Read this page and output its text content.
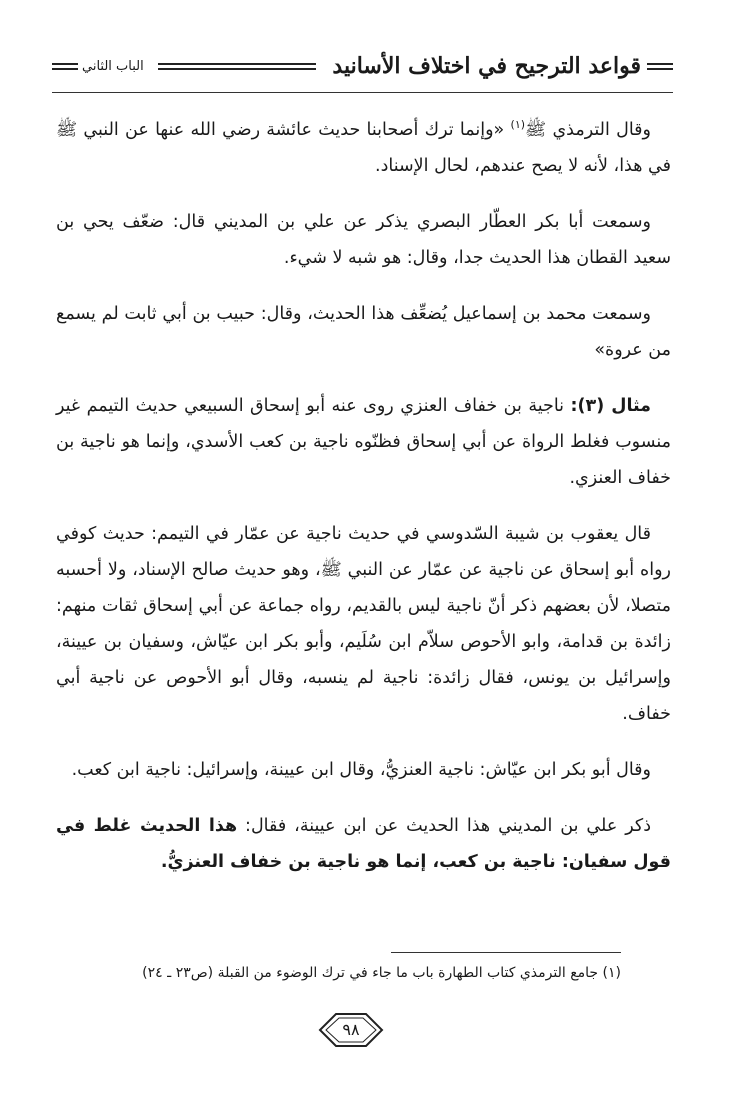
قواعد الترجيح في اختلاف الأسانيد
الباب الثاني

وقال الترمذي ﷺ$^{(١)}$ «وإنما ترك أصحابنا حديث عائشة رضي الله عنها عن النبي ﷺ في هذا، لأنه لا يصح عندهم، لحال الإسناد.

وسمعت أبا بكر العطّار البصري يذكر عن علي بن المديني قال: ضعّف يحي بن سعيد القطان هذا الحديث جدا، وقال: هو شبه لا شيء.

وسمعت محمد بن إسماعيل يُضعِّف هذا الحديث، وقال: حبيب بن أبي ثابت لم يسمع من عروة»

مثال (٣): ناجية بن خفاف العنزي روى عنه أبو إسحاق السبيعي حديث التيمم غير منسوب فغلط الرواة عن أبي إسحاق فظنّوه ناجية بن كعب الأسدي، وإنما هو ناجية بن خفاف العنزي.

قال يعقوب بن شيبة السّدوسي في حديث ناجية عن عمّار في التيمم: حديث كوفي رواه أبو إسحاق عن ناجية عن عمّار عن النبي ﷺ، وهو حديث صالح الإسناد، ولا أحسبه متصلا، لأن بعضهم ذكر أنّ ناجية ليس بالقديم، رواه جماعة عن أبي إسحاق ثقات منهم: زائدة بن قدامة، وابو الأحوص سلاّم ابن سُلَيم، وأبو بكر ابن عيّاش، وسفيان بن عيينة، وإسرائيل بن يونس، فقال زائدة: ناجية لم ينسبه، وقال أبو الأحوص عن ناجية أبي خفاف.

وقال أبو بكر ابن عيّاش: ناجية العنزيُّ، وقال ابن عيينة، وإسرائيل: ناجية ابن كعب.

ذكر علي بن المديني هذا الحديث عن ابن عيينة، فقال: هذا الحديث غلط في قول سفيان: ناجية بن كعب، إنما هو ناجية بن خفاف العنزيُّ.

(١) جامع الترمذي كتاب الطهارة باب ما جاء في ترك الوضوء من القبلة (ص٢٣ ـ ٢٤)
٩٨
